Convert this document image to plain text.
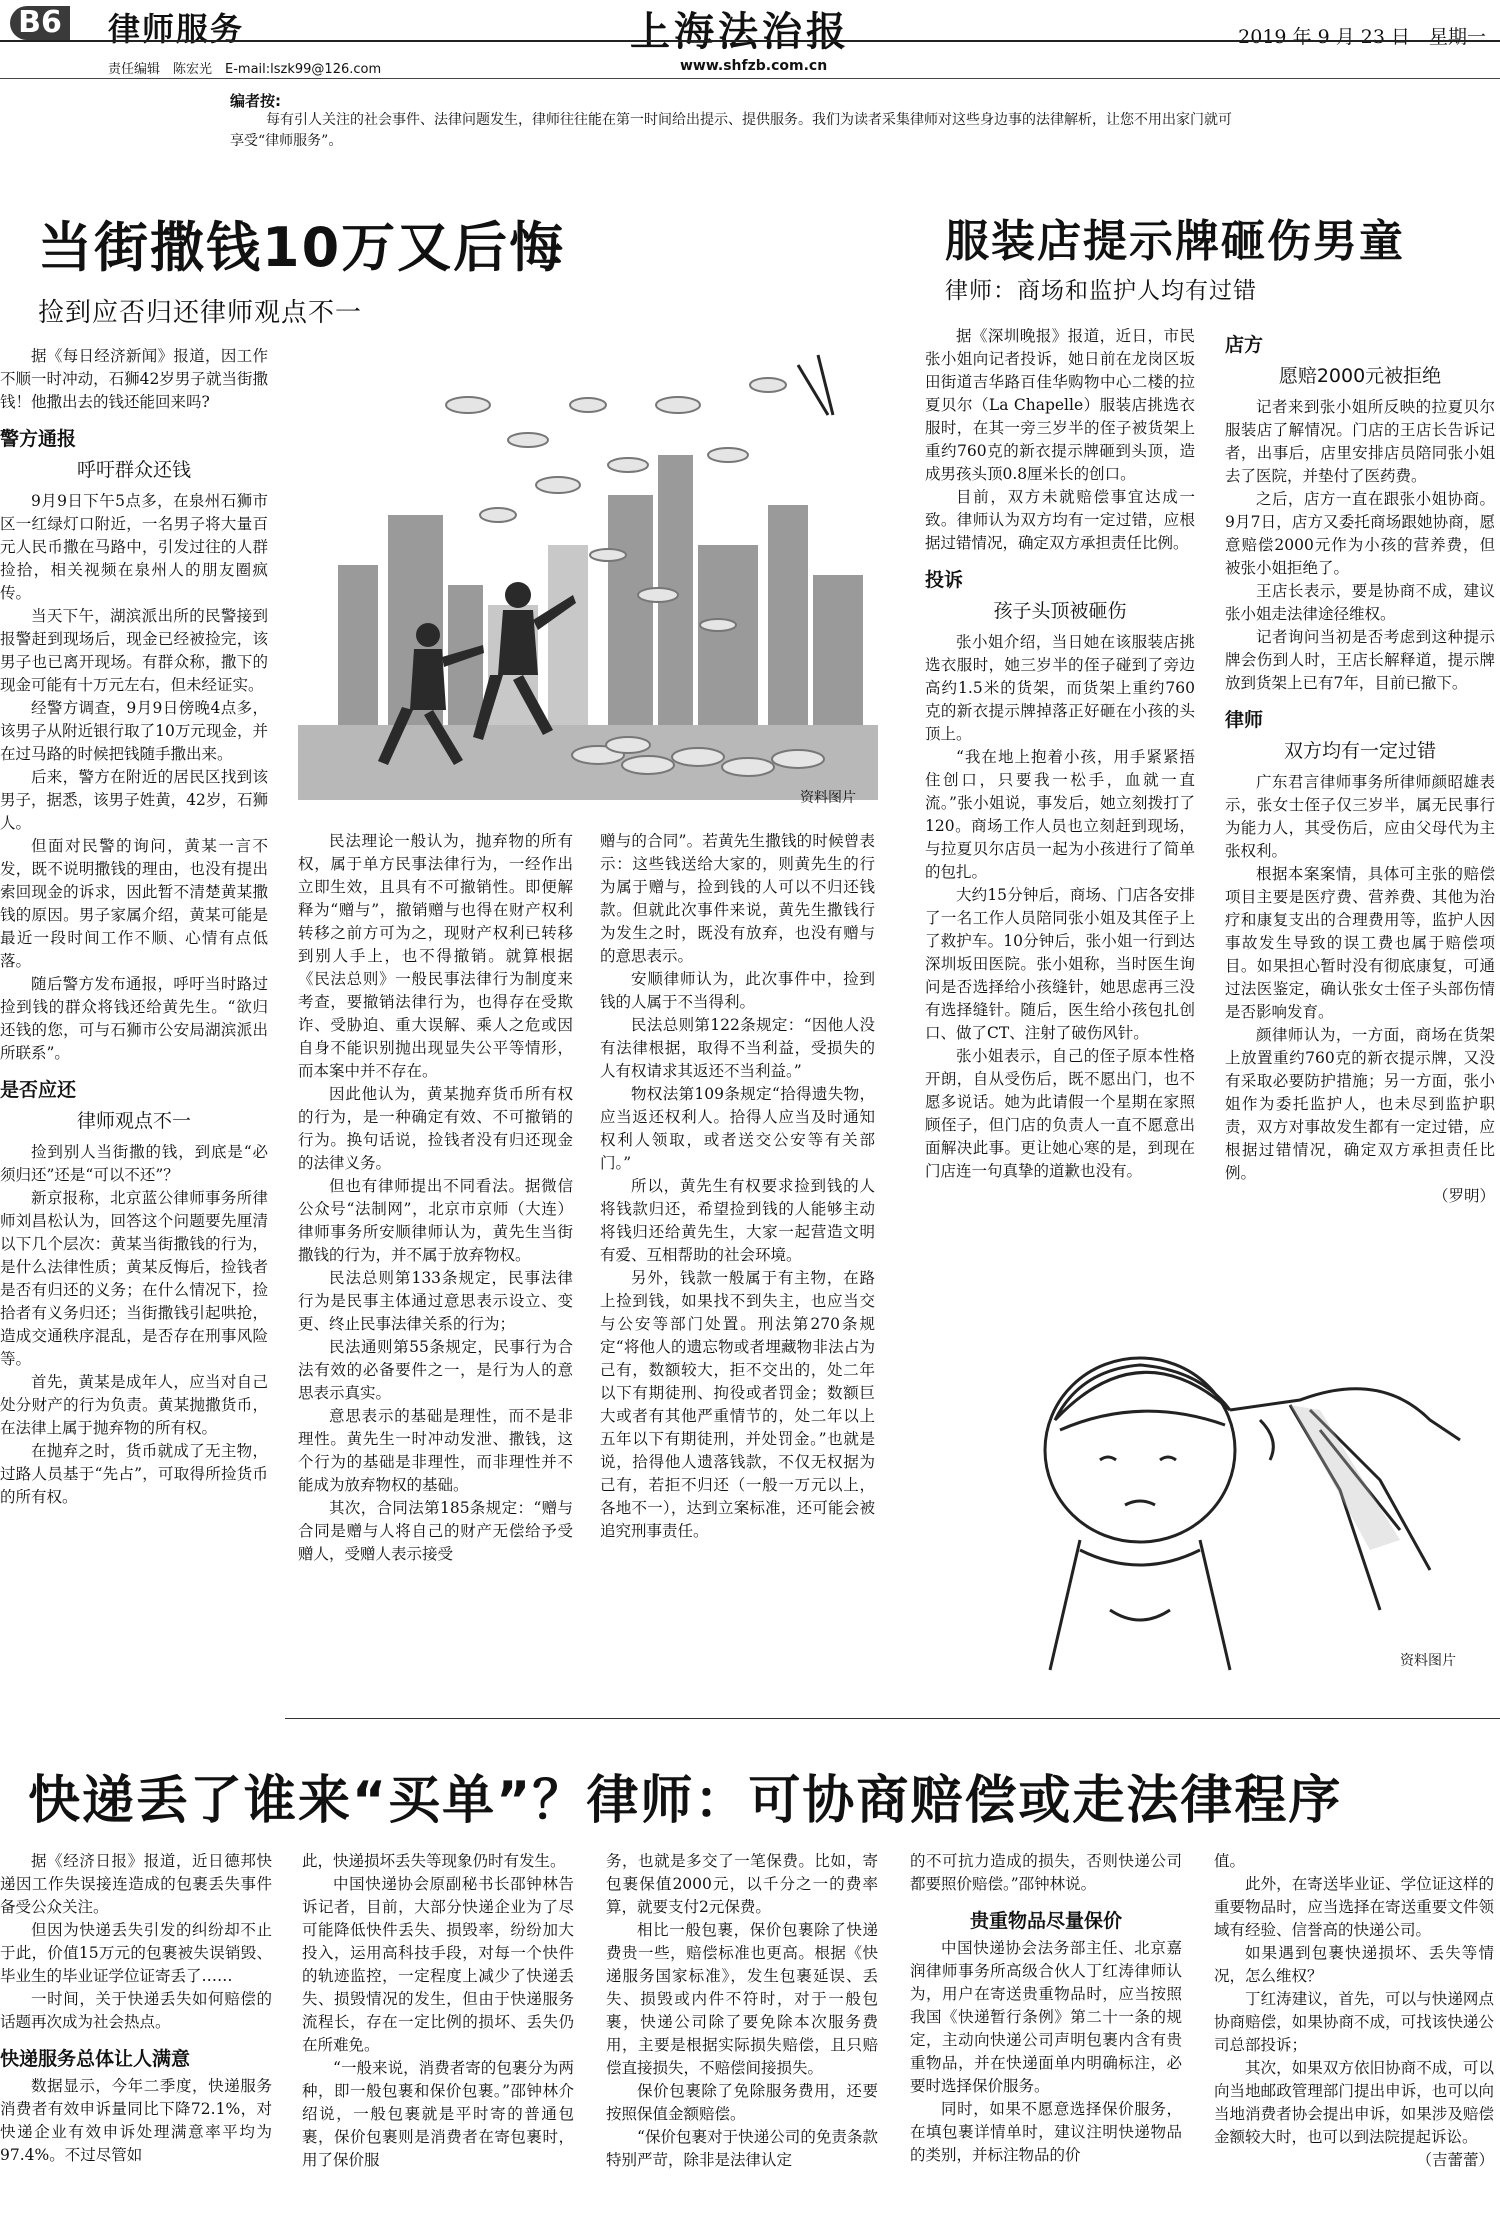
B6 律师服务
责任编辑　陈宏光　E-mail:lszk99@126.com
上海法治报
www.shfzb.com.cn
2019 年 9 月 23 日　星期一
编者按:
每有引人关注的社会事件、法律问题发生，律师往往能在第一时间给出提示、提供服务。我们为读者采集律师对这些身边事的法律解析，让您不用出家门就可享受“律师服务”。
当街撒钱10万又后悔
捡到应否归还律师观点不一
资料图片

据《每日经济新闻》报道，因工作不顺一时冲动，石狮42岁男子就当街撒钱！他撒出去的钱还能回来吗?

警方通报
呼吁群众还钱

9月9日下午5点多，在泉州石狮市区一红绿灯口附近，一名男子将大量百元人民币撒在马路中，引发过往的人群捡拾，相关视频在泉州人的朋友圈疯传。

当天下午，湖滨派出所的民警接到报警赶到现场后，现金已经被捡完，该男子也已离开现场。有群众称，撒下的现金可能有十万元左右，但未经证实。

经警方调查，9月9日傍晚4点多，该男子从附近银行取了10万元现金，并在过马路的时候把钱随手撒出来。

后来，警方在附近的居民区找到该男子，据悉，该男子姓黄，42岁，石狮人。

但面对民警的询问，黄某一言不发，既不说明撒钱的理由，也没有提出索回现金的诉求，因此暂不清楚黄某撒钱的原因。男子家属介绍，黄某可能是最近一段时间工作不顺、心情有点低落。

随后警方发布通报，呼吁当时路过捡到钱的群众将钱还给黄先生。“欲归还钱的您，可与石狮市公安局湖滨派出所联系”。

是否应还
律师观点不一

捡到别人当街撒的钱，到底是“必须归还”还是“可以不还”？

新京报称，北京蓝公律师事务所律师刘昌松认为，回答这个问题要先厘清以下几个层次：黄某当街撒钱的行为，是什么法律性质；黄某反悔后，捡钱者是否有归还的义务；在什么情况下，捡拾者有义务归还；当街撒钱引起哄抢，造成交通秩序混乱，是否存在刑事风险等。

首先，黄某是成年人，应当对自己处分财产的行为负责。黄某抛撒货币，在法律上属于抛弃物的所有权。

在抛弃之时，货币就成了无主物，过路人员基于“先占”，可取得所捡货币的所有权。

民法理论一般认为，抛弃物的所有权，属于单方民事法律行为，一经作出立即生效，且具有不可撤销性。即便解释为“赠与”，撤销赠与也得在财产权利转移之前方可为之，现财产权利已转移到别人手上，也不得撤销。就算根据《民法总则》一般民事法律行为制度来考查，要撤销法律行为，也得存在受欺诈、受胁迫、重大误解、乘人之危或因自身不能识别抛出现显失公平等情形，而本案中并不存在。

因此他认为，黄某抛弃货币所有权的行为，是一种确定有效、不可撤销的行为。换句话说，捡钱者没有归还现金的法律义务。

但也有律师提出不同看法。据微信公众号“法制网”，北京市京师（大连）律师事务所安顺律师认为，黄先生当街撒钱的行为，并不属于放弃物权。

民法总则第133条规定，民事法律行为是民事主体通过意思表示设立、变更、终止民事法律关系的行为；

民法通则第55条规定，民事行为合法有效的必备要件之一，是行为人的意思表示真实。

意思表示的基础是理性，而不是非理性。黄先生一时冲动发泄、撒钱，这个行为的基础是非理性，而非理性并不能成为放弃物权的基础。

其次，合同法第185条规定：“赠与合同是赠与人将自己的财产无偿给予受赠人，受赠人表示接受

赠与的合同”。若黄先生撒钱的时候曾表示：这些钱送给大家的，则黄先生的行为属于赠与，捡到钱的人可以不归还钱款。但就此次事件来说，黄先生撒钱行为发生之时，既没有放弃，也没有赠与的意思表示。

安顺律师认为，此次事件中，捡到钱的人属于不当得利。

民法总则第122条规定：“因他人没有法律根据，取得不当利益，受损失的人有权请求其返还不当利益。”

物权法第109条规定“拾得遗失物，应当返还权利人。拾得人应当及时通知权利人领取，或者送交公安等有关部门。”

所以，黄先生有权要求捡到钱的人将钱款归还，希望捡到钱的人能够主动将钱归还给黄先生，大家一起营造文明有爱、互相帮助的社会环境。

另外，钱款一般属于有主物，在路上捡到钱，如果找不到失主，也应当交与公安等部门处置。刑法第270条规定“将他人的遗忘物或者埋藏物非法占为己有，数额较大，拒不交出的，处二年以下有期徒刑、拘役或者罚金；数额巨大或者有其他严重情节的，处二年以上五年以下有期徒刑，并处罚金。”也就是说，拾得他人遗落钱款，不仅无权据为己有，若拒不归还（一般一万元以上，各地不一），达到立案标准，还可能会被追究刑事责任。

服装店提示牌砸伤男童
律师：商场和监护人均有过错

据《深圳晚报》报道，近日，市民张小姐向记者投诉，她日前在龙岗区坂田街道吉华路百佳华购物中心二楼的拉夏贝尔（La Chapelle）服装店挑选衣服时，在其一旁三岁半的侄子被货架上重约760克的新衣提示牌砸到头顶，造成男孩头顶0.8厘米长的创口。

目前，双方未就赔偿事宜达成一致。律师认为双方均有一定过错，应根据过错情况，确定双方承担责任比例。

投诉
孩子头顶被砸伤

张小姐介绍，当日她在该服装店挑选衣服时，她三岁半的侄子碰到了旁边高约1.5米的货架，而货架上重约760克的新衣提示牌掉落正好砸在小孩的头顶上。

“我在地上抱着小孩，用手紧紧捂住创口，只要我一松手，血就一直流。”张小姐说，事发后，她立刻拨打了120。商场工作人员也立刻赶到现场，与拉夏贝尔店员一起为小孩进行了简单的包扎。

大约15分钟后，商场、门店各安排了一名工作人员陪同张小姐及其侄子上了救护车。10分钟后，张小姐一行到达深圳坂田医院。张小姐称，当时医生询问是否选择给小孩缝针，她思虑再三没有选择缝针。随后，医生给小孩包扎创口、做了CT、注射了破伤风针。

张小姐表示，自己的侄子原本性格开朗，自从受伤后，既不愿出门，也不愿多说话。她为此请假一个星期在家照顾侄子，但门店的负责人一直不愿意出面解决此事。更让她心寒的是，到现在门店连一句真挚的道歉也没有。

店方
愿赔2000元被拒绝

记者来到张小姐所反映的拉夏贝尔服装店了解情况。门店的王店长告诉记者，出事后，店里安排店员陪同张小姐去了医院，并垫付了医药费。

之后，店方一直在跟张小姐协商。9月7日，店方又委托商场跟她协商，愿意赔偿2000元作为小孩的营养费，但被张小姐拒绝了。

王店长表示，要是协商不成，建议张小姐走法律途径维权。

记者询问当初是否考虑到这种提示牌会伤到人时，王店长解释道，提示牌放到货架上已有7年，目前已撤下。

律师
双方均有一定过错

广东君言律师事务所律师颜昭雄表示，张女士侄子仅三岁半，属无民事行为能力人，其受伤后，应由父母代为主张权利。

根据本案案情，具体可主张的赔偿项目主要是医疗费、营养费、其他为治疗和康复支出的合理费用等，监护人因事故发生导致的误工费也属于赔偿项目。如果担心暂时没有彻底康复，可通过法医鉴定，确认张女士侄子头部伤情是否影响发育。

颜律师认为，一方面，商场在货架上放置重约760克的新衣提示牌，又没有采取必要防护措施；另一方面，张小姐作为委托监护人，也未尽到监护职责，双方对事故发生都有一定过错，应根据过错情况，确定双方承担责任比例。

（罗明）

资料图片
快递丢了谁来“买单”？律师：可协商赔偿或走法律程序

据《经济日报》报道，近日德邦快递因工作失误接连造成的包裹丢失事件备受公众关注。

但因为快递丢失引发的纠纷却不止于此，价值15万元的包裹被失误销毁、毕业生的毕业证学位证寄丢了……

一时间，关于快递丢失如何赔偿的话题再次成为社会热点。

快递服务总体让人满意

数据显示，今年二季度，快递服务消费者有效申诉量同比下降72.1%，对快递企业有效申诉处理满意率平均为97.4%。不过尽管如

此，快递损坏丢失等现象仍时有发生。

中国快递协会原副秘书长邵钟林告诉记者，目前，大部分快递企业为了尽可能降低快件丢失、损毁率，纷纷加大投入，运用高科技手段，对每一个快件的轨迹监控，一定程度上减少了快递丢失、损毁情况的发生，但由于快递服务流程长，存在一定比例的损坏、丢失仍在所难免。

“一般来说，消费者寄的包裹分为两种，即一般包裹和保价包裹。”邵钟林介绍说，一般包裹就是平时寄的普通包裹，保价包裹则是消费者在寄包裹时，用了保价服

务，也就是多交了一笔保费。比如，寄包裹保值2000元，以千分之一的费率算，就要支付2元保费。

相比一般包裹，保价包裹除了快递费贵一些，赔偿标准也更高。根据《快递服务国家标准》，发生包裹延误、丢失、损毁或内件不符时，对于一般包裹，快递公司除了要免除本次服务费用，主要是根据实际损失赔偿，且只赔偿直接损失，不赔偿间接损失。

保价包裹除了免除服务费用，还要按照保值金额赔偿。

“保价包裹对于快递公司的免责条款特别严苛，除非是法律认定

的不可抗力造成的损失，否则快递公司都要照价赔偿。”邵钟林说。

贵重物品尽量保价

中国快递协会法务部主任、北京嘉润律师事务所高级合伙人丁红涛律师认为，用户在寄送贵重物品时，应当按照我国《快递暂行条例》第二十一条的规定，主动向快递公司声明包裹内含有贵重物品，并在快递面单内明确标注，必要时选择保价服务。

同时，如果不愿意选择保价服务，在填包裹详情单时，建议注明快递物品的类别，并标注物品的价

值。

此外，在寄送毕业证、学位证这样的重要物品时，应当选择在寄送重要文件领域有经验、信誉高的快递公司。

如果遇到包裹快递损坏、丢失等情况，怎么维权？

丁红涛建议，首先，可以与快递网点协商赔偿，如果协商不成，可找该快递公司总部投诉；

其次，如果双方依旧协商不成，可以向当地邮政管理部门提出申诉，也可以向当地消费者协会提出申诉，如果涉及赔偿金额较大时，也可以到法院提起诉讼。

（吉蕾蕾）
